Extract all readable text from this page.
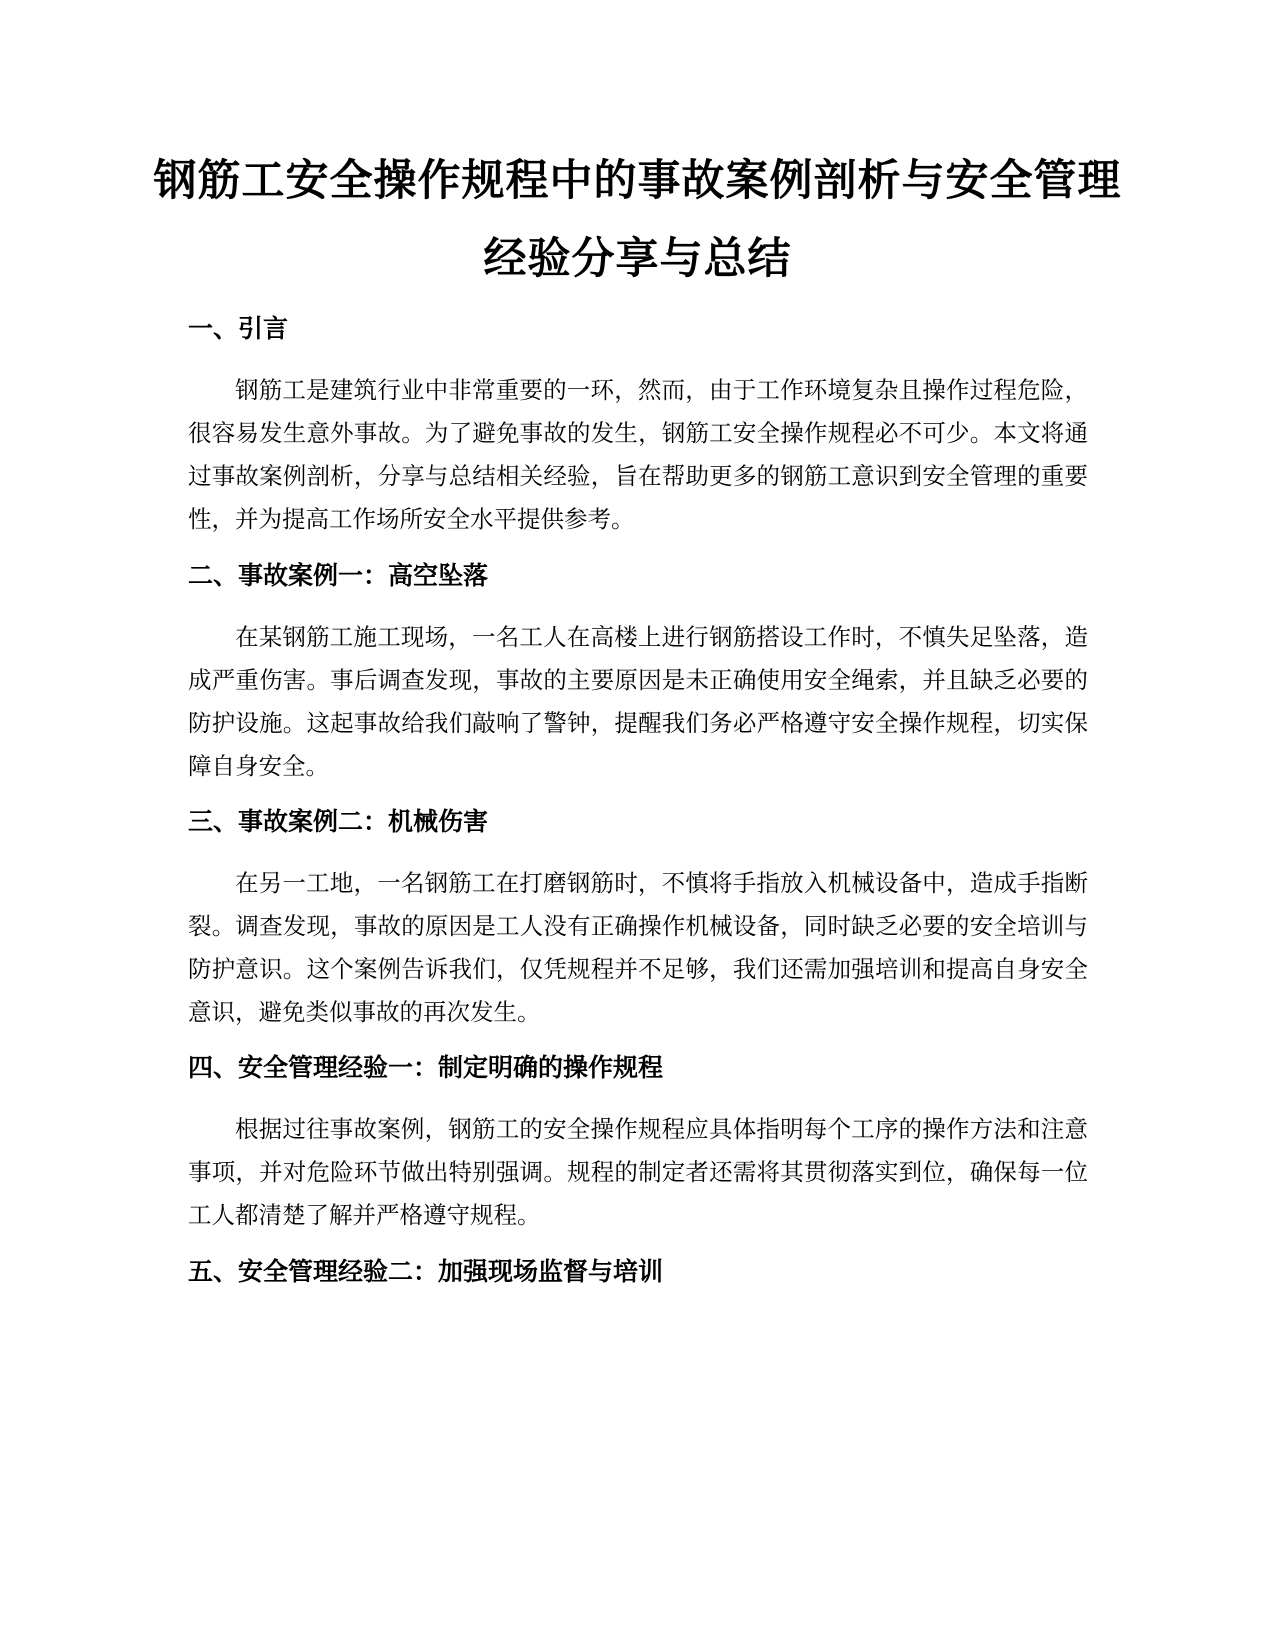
钢筋工安全操作规程中的事故案例剖析与安全管理经验分享与总结
一、引言

钢筋工是建筑行业中非常重要的一环，然而，由于工作环境复杂且操作过程危险，很容易发生意外事故。为了避免事故的发生，钢筋工安全操作规程必不可少。本文将通过事故案例剖析，分享与总结相关经验，旨在帮助更多的钢筋工意识到安全管理的重要性，并为提高工作场所安全水平提供参考。

二、事故案例一：高空坠落

在某钢筋工施工现场，一名工人在高楼上进行钢筋搭设工作时，不慎失足坠落，造成严重伤害。事后调查发现，事故的主要原因是未正确使用安全绳索，并且缺乏必要的防护设施。这起事故给我们敲响了警钟，提醒我们务必严格遵守安全操作规程，切实保障自身安全。

三、事故案例二：机械伤害

在另一工地，一名钢筋工在打磨钢筋时，不慎将手指放入机械设备中，造成手指断裂。调查发现，事故的原因是工人没有正确操作机械设备，同时缺乏必要的安全培训与防护意识。这个案例告诉我们，仅凭规程并不足够，我们还需加强培训和提高自身安全意识，避免类似事故的再次发生。

四、安全管理经验一：制定明确的操作规程

根据过往事故案例，钢筋工的安全操作规程应具体指明每个工序的操作方法和注意事项，并对危险环节做出特别强调。规程的制定者还需将其贯彻落实到位，确保每一位工人都清楚了解并严格遵守规程。

五、安全管理经验二：加强现场监督与培训
